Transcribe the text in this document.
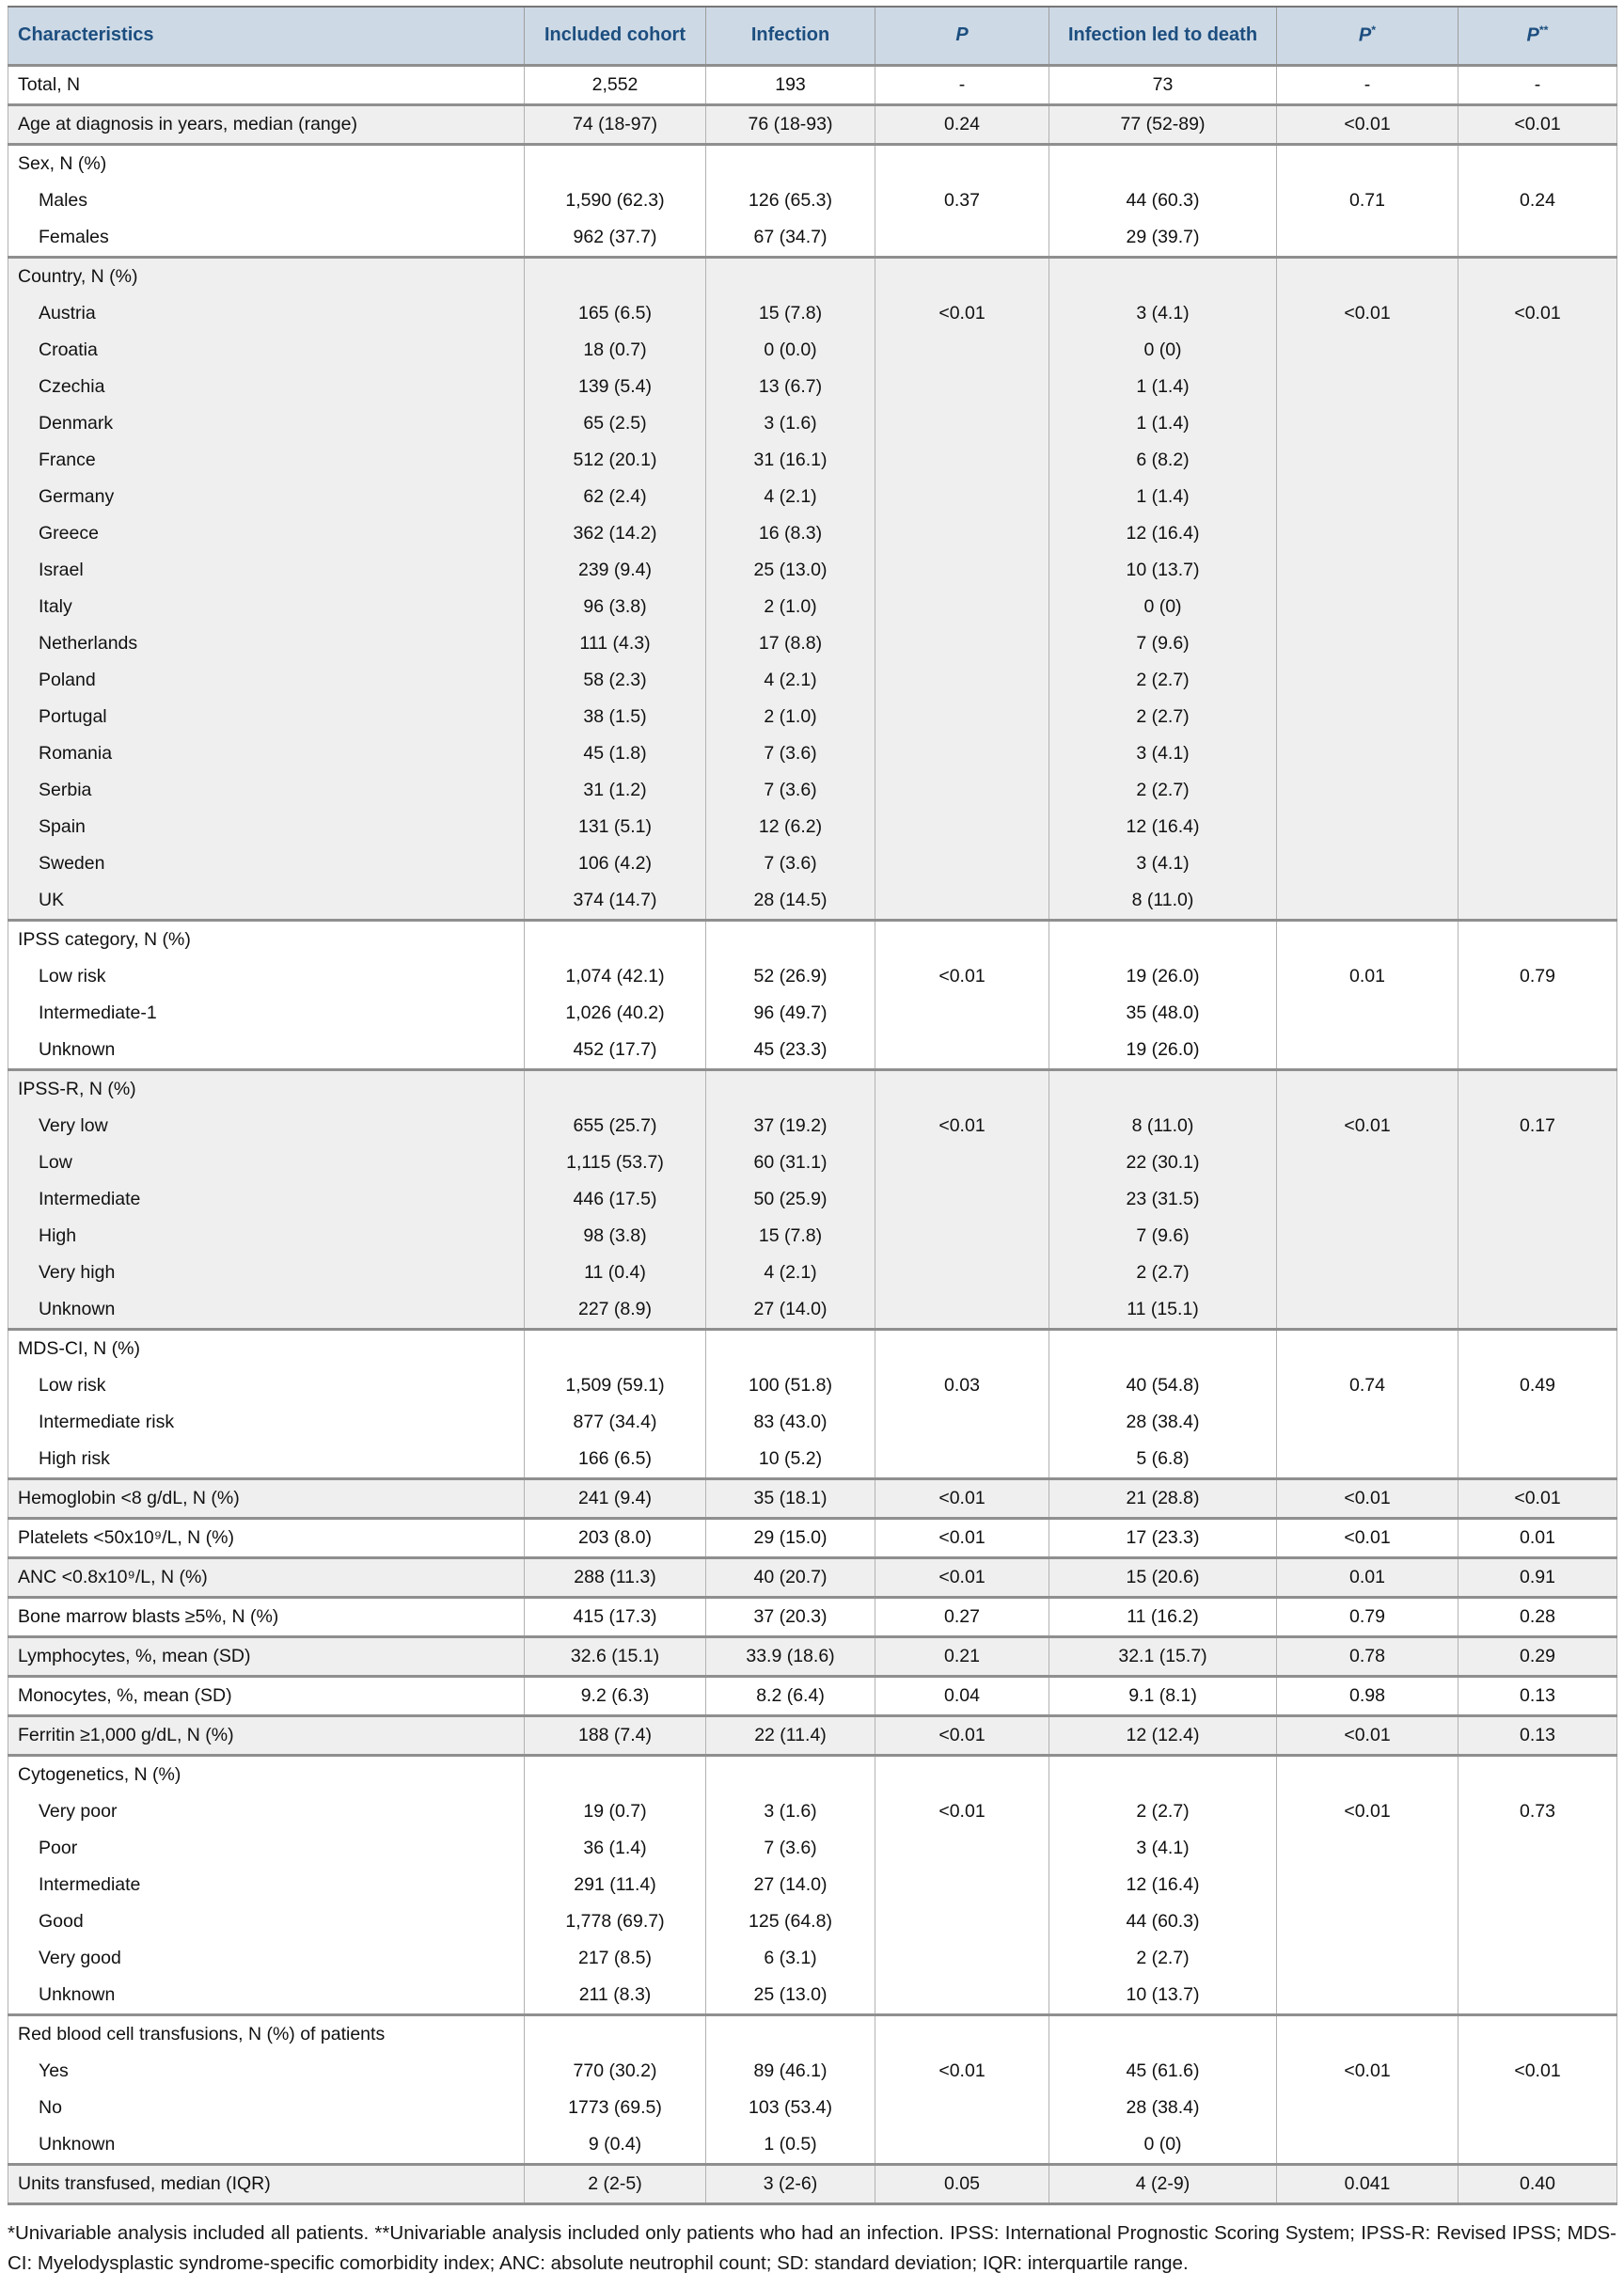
Characteristics	Included cohort	Infection	P	Infection led to death	P*	P**
Total, N	2,552	193	-	73	-	-
Age at diagnosis in years, median (range)	74 (18-97)	76 (18-93)	0.24	77 (52-89)	<0.01	<0.01
Sex, N (%)						
Males	1,590 (62.3)	126 (65.3)	0.37	44 (60.3)	0.71	0.24
Females	962 (37.7)	67 (34.7)		29 (39.7)		
Country, N (%)						
Austria	165 (6.5)	15 (7.8)	<0.01	3 (4.1)	<0.01	<0.01
Croatia	18 (0.7)	0 (0.0)		0 (0)		
Czechia	139 (5.4)	13 (6.7)		1 (1.4)		
Denmark	65 (2.5)	3 (1.6)		1 (1.4)		
France	512 (20.1)	31 (16.1)		6 (8.2)		
Germany	62 (2.4)	4 (2.1)		1 (1.4)		
Greece	362 (14.2)	16 (8.3)		12 (16.4)		
Israel	239 (9.4)	25 (13.0)		10 (13.7)		
Italy	96 (3.8)	2 (1.0)		0 (0)		
Netherlands	111 (4.3)	17 (8.8)		7 (9.6)		
Poland	58 (2.3)	4 (2.1)		2 (2.7)		
Portugal	38 (1.5)	2 (1.0)		2 (2.7)		
Romania	45 (1.8)	7 (3.6)		3 (4.1)		
Serbia	31 (1.2)	7 (3.6)		2 (2.7)		
Spain	131 (5.1)	12 (6.2)		12 (16.4)		
Sweden	106 (4.2)	7 (3.6)		3 (4.1)		
UK	374 (14.7)	28 (14.5)		8 (11.0)		
IPSS category, N (%)						
Low risk	1,074 (42.1)	52 (26.9)	<0.01	19 (26.0)	0.01	0.79
Intermediate-1	1,026 (40.2)	96 (49.7)		35 (48.0)		
Unknown	452 (17.7)	45 (23.3)		19 (26.0)		
IPSS-R, N (%)						
Very low	655 (25.7)	37 (19.2)	<0.01	8 (11.0)	<0.01	0.17
Low	1,115 (53.7)	60 (31.1)		22 (30.1)		
Intermediate	446 (17.5)	50 (25.9)		23 (31.5)		
High	98 (3.8)	15 (7.8)		7 (9.6)		
Very high	11 (0.4)	4 (2.1)		2 (2.7)		
Unknown	227 (8.9)	27 (14.0)		11 (15.1)		
MDS-CI, N (%)						
Low risk	1,509 (59.1)	100 (51.8)	0.03	40 (54.8)	0.74	0.49
Intermediate risk	877 (34.4)	83 (43.0)		28 (38.4)		
High risk	166 (6.5)	10 (5.2)		5 (6.8)		
Hemoglobin <8 g/dL, N (%)	241 (9.4)	35 (18.1)	<0.01	21 (28.8)	<0.01	<0.01
Platelets <50x10⁹/L, N (%)	203 (8.0)	29 (15.0)	<0.01	17 (23.3)	<0.01	0.01
ANC <0.8x10⁹/L, N (%)	288 (11.3)	40 (20.7)	<0.01	15 (20.6)	0.01	0.91
Bone marrow blasts ≥5%, N (%)	415 (17.3)	37 (20.3)	0.27	11 (16.2)	0.79	0.28
Lymphocytes, %, mean (SD)	32.6 (15.1)	33.9 (18.6)	0.21	32.1 (15.7)	0.78	0.29
Monocytes, %, mean (SD)	9.2 (6.3)	8.2 (6.4)	0.04	9.1 (8.1)	0.98	0.13
Ferritin ≥1,000 g/dL, N (%)	188 (7.4)	22 (11.4)	<0.01	12 (12.4)	<0.01	0.13
Cytogenetics, N (%)						
Very poor	19 (0.7)	3 (1.6)	<0.01	2 (2.7)	<0.01	0.73
Poor	36 (1.4)	7 (3.6)		3 (4.1)		
Intermediate	291 (11.4)	27 (14.0)		12 (16.4)		
Good	1,778 (69.7)	125 (64.8)		44 (60.3)		
Very good	217 (8.5)	6 (3.1)		2 (2.7)		
Unknown	211 (8.3)	25 (13.0)		10 (13.7)		
Red blood cell transfusions, N (%) of patients						
Yes	770 (30.2)	89 (46.1)	<0.01	45 (61.6)	<0.01	<0.01
No	1773 (69.5)	103 (53.4)		28 (38.4)		
Unknown	9 (0.4)	1 (0.5)		0 (0)		
Units transfused, median (IQR)	2 (2-5)	3 (2-6)	0.05	4 (2-9)	0.041	0.40
*Univariable analysis included all patients. **Univariable analysis included only patients who had an infection. IPSS: International Prognostic Scoring System; IPSS-R: Revised IPSS; MDS-CI: Myelodysplastic syndrome-specific comorbidity index; ANC: absolute neutrophil count; SD: standard deviation; IQR: interquartile range.
